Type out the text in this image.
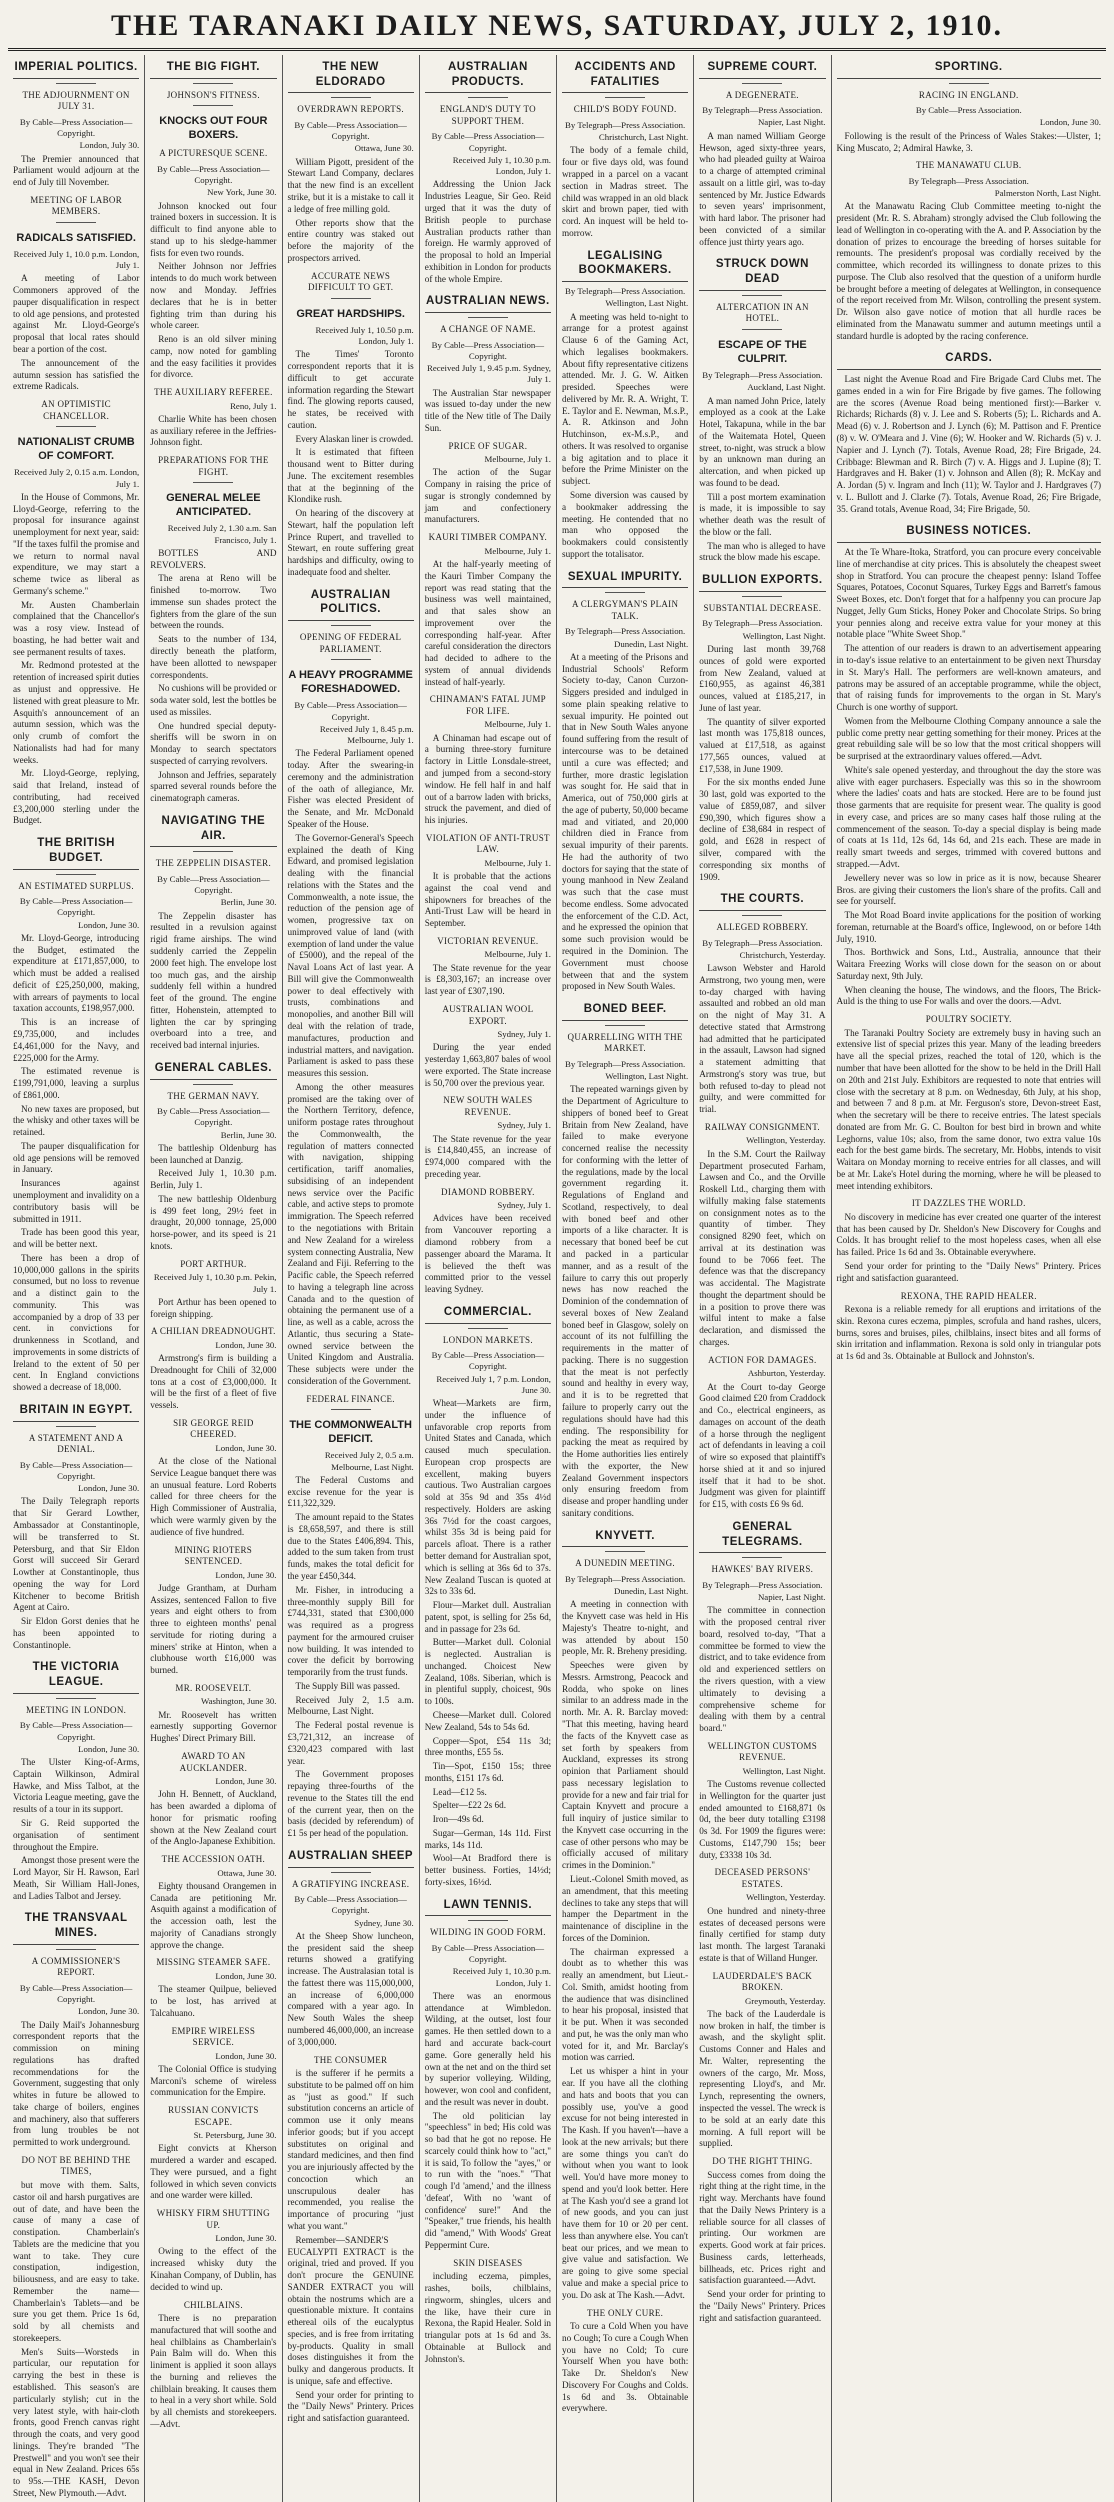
THE TARANAKI DAILY NEWS, SATURDAY, JULY 2, 1910.
IMPERIAL POLITICS.
THE ADJOURNMENT ON JULY 31.
By Cable—Press Association—Copyright.
London, July 30.

The Premier announced that Parliament would adjourn at the end of July till November.

MEETING OF LABOR MEMBERS.
RADICALS SATISFIED.
Received July 1, 10.0 p.m. London, July 1.

A meeting of Labor Commoners approved of the pauper disqualification in respect to old age pensions, and protested against Mr. Lloyd-George's proposal that local rates should bear a portion of the cost.

The announcement of the autumn session has satisfied the extreme Radicals.

AN OPTIMISTIC CHANCELLOR.
NATIONALIST CRUMB OF COMFORT.
Received July 2, 0.15 a.m. London, July 1.

In the House of Commons, Mr. Lloyd-George, referring to the proposal for insurance against unemployment for next year, said: "If the taxes fulfil the promise and we return to normal naval expenditure, we may start a scheme twice as liberal as Germany's scheme."

Mr. Austen Chamberlain complained that the Chancellor's was a rosy view. Instead of boasting, he had better wait and see permanent results of taxes.

Mr. Redmond protested at the retention of increased spirit duties as unjust and oppressive. He listened with great pleasure to Mr. Asquith's announcement of an autumn session, which was the only crumb of comfort the Nationalists had had for many weeks.

Mr. Lloyd-George, replying, said that Ireland, instead of contributing, had received £3,200,000 sterling under the Budget.

THE BRITISH BUDGET.
AN ESTIMATED SURPLUS.
By Cable—Press Association—Copyright.
London, June 30.

Mr. Lloyd-George, introducing the Budget, estimated the expenditure at £171,857,000, to which must be added a realised deficit of £25,250,000, making, with arrears of payments to local taxation accounts, £198,957,000.

This is an increase of £9,735,000, and includes £4,461,000 for the Navy, and £225,000 for the Army.

The estimated revenue is £199,791,000, leaving a surplus of £861,000.

No new taxes are proposed, but the whisky and other taxes will be retained.

The pauper disqualification for old age pensions will be removed in January.

Insurances against unemployment and invalidity on a contributory basis will be submitted in 1911.

Trade has been good this year, and will be better next.

There has been a drop of 10,000,000 gallons in the spirits consumed, but no loss to revenue and a distinct gain to the community. This was accompanied by a drop of 33 per cent. in convictions for drunkenness in Scotland, and improvements in some districts of Ireland to the extent of 50 per cent. In England convictions showed a decrease of 18,000.

BRITAIN IN EGYPT.
A STATEMENT AND A DENIAL.
By Cable—Press Association—Copyright.
London, June 30.

The Daily Telegraph reports that Sir Gerard Lowther, Ambassador at Constantinople, will be transferred to St. Petersburg, and that Sir Eldon Gorst will succeed Sir Gerard Lowther at Constantinople, thus opening the way for Lord Kitchener to become British Agent at Cairo.

Sir Eldon Gorst denies that he has been appointed to Constantinople.

THE VICTORIA LEAGUE.
MEETING IN LONDON.
By Cable—Press Association—Copyright.
London, June 30.

The Ulster King-of-Arms, Captain Wilkinson, Admiral Hawke, and Miss Talbot, at the Victoria League meeting, gave the results of a tour in its support.

Sir G. Reid supported the organisation of sentiment throughout the Empire.

Amongst those present were the Lord Mayor, Sir H. Rawson, Earl Meath, Sir William Hall-Jones, and Ladies Talbot and Jersey.

THE TRANSVAAL MINES.
A COMMISSIONER'S REPORT.
By Cable—Press Association—Copyright.
London, June 30.

The Daily Mail's Johannesburg correspondent reports that the commission on mining regulations has drafted recommendations for the Government, suggesting that only whites in future be allowed to take charge of boilers, engines and machinery, also that sufferers from lung troubles be not permitted to work underground.

DO NOT BE BEHIND THE TIMES,

but move with them. Salts, castor oil and harsh purgatives are out of date, and have been the cause of many a case of constipation. Chamberlain's Tablets are the medicine that you want to take. They cure constipation, indigestion, biliousness, and are easy to take. Remember the name—Chamberlain's Tablets—and be sure you get them. Price 1s 6d, sold by all chemists and storekeepers.

Men's Suits—Worsteds in particular, our reputation for carrying the best in these is established. This season's are particularly stylish; cut in the very latest style, with hair-cloth fronts, good French canvas right through the coats, and very good linings. They're branded "The Prestwell" and you won't see their equal in New Zealand. Prices 65s to 95s.—THE KASH, Devon Street, New Plymouth.—Advt.

THE BIG FIGHT.
JOHNSON'S FITNESS.
KNOCKS OUT FOUR BOXERS.
A PICTURESQUE SCENE.
By Cable—Press Association—Copyright.
New York, June 30.

Johnson knocked out four trained boxers in succession. It is difficult to find anyone able to stand up to his sledge-hammer fists for even two rounds.

Neither Johnson nor Jeffries intends to do much work between now and Monday. Jeffries declares that he is in better fighting trim than during his whole career.

Reno is an old silver mining camp, now noted for gambling and the easy facilities it provides for divorce.

THE AUXILIARY REFEREE.
Reno, July 1.

Charlie White has been chosen as auxiliary referee in the Jeffries-Johnson fight.

PREPARATIONS FOR THE FIGHT.
GENERAL MELEE ANTICIPATED.
Received July 2, 1.30 a.m. San Francisco, July 1.

BOTTLES AND REVOLVERS.

The arena at Reno will be finished to-morrow. Two immense sun shades protect the fighters from the glare of the sun between the rounds.

Seats to the number of 134, directly beneath the platform, have been allotted to newspaper correspondents.

No cushions will be provided or soda water sold, lest the bottles be used as missiles.

One hundred special deputy-sheriffs will be sworn in on Monday to search spectators suspected of carrying revolvers.

Johnson and Jeffries, separately sparred several rounds before the cinematograph cameras.

NAVIGATING THE AIR.
THE ZEPPELIN DISASTER.
By Cable—Press Association—Copyright.
Berlin, June 30.

The Zeppelin disaster has resulted in a revulsion against rigid frame airships. The wind suddenly carried the Zeppelin 2000 feet high. The envelope lost too much gas, and the airship suddenly fell within a hundred feet of the ground. The engine fitter, Hohenstein, attempted to lighten the car by springing overboard into a tree, and received bad internal injuries.

GENERAL CABLES.
THE GERMAN NAVY.
By Cable—Press Association—Copyright.
Berlin, June 30.

The battleship Oldenburg has been launched at Danzig.

Received July 1, 10.30 p.m. Berlin, July 1.

The new battleship Oldenburg is 499 feet long, 29½ feet in draught, 20,000 tonnage, 25,000 horse-power, and its speed is 21 knots.

PORT ARTHUR.
Received July 1, 10.30 p.m. Pekin, July 1.

Port Arthur has been opened to foreign shipping.

A CHILIAN DREADNOUGHT.
London, June 30.

Armstrong's firm is building a Dreadnought for Chili of 32,000 tons at a cost of £3,000,000. It will be the first of a fleet of five vessels.

SIR GEORGE REID CHEERED.
London, June 30.

At the close of the National Service League banquet there was an unusual feature. Lord Roberts called for three cheers for the High Commissioner of Australia, which were warmly given by the audience of five hundred.

MINING RIOTERS SENTENCED.
London, June 30.

Judge Grantham, at Durham Assizes, sentenced Fallon to five years and eight others to from three to eighteen months' penal servitude for rioting during a miners' strike at Hinton, when a clubhouse worth £16,000 was burned.

MR. ROOSEVELT.
Washington, June 30.

Mr. Roosevelt has written earnestly supporting Governor Hughes' Direct Primary Bill.

AWARD TO AN AUCKLANDER.
London, June 30.

John H. Bennett, of Auckland, has been awarded a diploma of honor for prismatic roofing shown at the New Zealand court of the Anglo-Japanese Exhibition.

THE ACCESSION OATH.
Ottawa, June 30.

Eighty thousand Orangemen in Canada are petitioning Mr. Asquith against a modification of the accession oath, lest the majority of Canadians strongly approve the change.

MISSING STEAMER SAFE.
London, June 30.

The steamer Quilpue, believed to be lost, has arrived at Talcahuano.

EMPIRE WIRELESS SERVICE.
London, June 30.

The Colonial Office is studying Marconi's scheme of wireless communication for the Empire.

RUSSIAN CONVICTS ESCAPE.
St. Petersburg, June 30.

Eight convicts at Kherson murdered a warder and escaped. They were pursued, and a fight followed in which seven convicts and one warder were killed.

WHISKY FIRM SHUTTING UP.
London, June 30.

Owing to the effect of the increased whisky duty the Kinahan Company, of Dublin, has decided to wind up.

CHILBLAINS.

There is no preparation manufactured that will soothe and heal chilblains as Chamberlain's Pain Balm will do. When this liniment is applied it soon allays the burning and relieves the chilblain breaking. It causes them to heal in a very short while. Sold by all chemists and storekeepers.—Advt.

THE NEW ELDORADO
OVERDRAWN REPORTS.
By Cable—Press Association—Copyright.
Ottawa, June 30.

William Pigott, president of the Stewart Land Company, declares that the new find is an excellent strike, but it is a mistake to call it a ledge of free milling gold.

Other reports show that the entire country was staked out before the majority of the prospectors arrived.

ACCURATE NEWS DIFFICULT TO GET.
GREAT HARDSHIPS.
Received July 1, 10.50 p.m. London, July 1.

The Times' Toronto correspondent reports that it is difficult to get accurate information regarding the Stewart find. The glowing reports caused, he states, be received with caution.

Every Alaskan liner is crowded.

It is estimated that fifteen thousand went to Bitter during June. The excitement resembles that at the beginning of the Klondike rush.

On hearing of the discovery at Stewart, half the population left Prince Rupert, and travelled to Stewart, en route suffering great hardships and difficulty, owing to inadequate food and shelter.

AUSTRALIAN POLITICS.
OPENING OF FEDERAL PARLIAMENT.
A HEAVY PROGRAMME FORESHADOWED.
By Cable—Press Association—Copyright.
Received July 1, 8.45 p.m. Melbourne, July 1.

The Federal Parliament opened today. After the swearing-in ceremony and the administration of the oath of allegiance, Mr. Fisher was elected President of the Senate, and Mr. McDonald Speaker of the House.

The Governor-General's Speech explained the death of King Edward, and promised legislation dealing with the financial relations with the States and the Commonwealth, a note issue, the reduction of the pension age of women, progressive tax on unimproved value of land (with exemption of land under the value of £5000), and the repeal of the Naval Loans Act of last year. A Bill will give the Commonwealth power to deal effectively with trusts, combinations and monopolies, and another Bill will deal with the relation of trade, manufactures, production and industrial matters, and navigation. Parliament is asked to pass these measures this session.

Among the other measures promised are the taking over of the Northern Territory, defence, uniform postage rates throughout the Commonwealth, the regulation of matters connected with navigation, shipping certification, tariff anomalies, subsidising of an independent news service over the Pacific cable, and active steps to promote immigration. The Speech referred to the negotiations with Britain and New Zealand for a wireless system connecting Australia, New Zealand and Fiji. Referring to the Pacific cable, the Speech referred to having a telegraph line across Canada and to the question of obtaining the permanent use of a line, as well as a cable, across the Atlantic, thus securing a State-owned service between the United Kingdom and Australia. These subjects were under the consideration of the Government.

FEDERAL FINANCE.
THE COMMONWEALTH DEFICIT.
Received July 2, 0.5 a.m. Melbourne, Last Night.

The Federal Customs and excise revenue for the year is £11,322,329.

The amount repaid to the States is £8,658,597, and there is still due to the States £406,894. This, added to the sum taken from trust funds, makes the total deficit for the year £450,344.

Mr. Fisher, in introducing a three-monthly supply Bill for £744,331, stated that £300,000 was required as a progress payment for the armoured cruiser now building. It was intended to cover the deficit by borrowing temporarily from the trust funds.

The Supply Bill was passed.

Received July 2, 1.5 a.m. Melbourne, Last Night.

The Federal postal revenue is £3,721,312, an increase of £320,423 compared with last year.

The Government proposes repaying three-fourths of the revenue to the States till the end of the current year, then on the basis (decided by referendum) of £1 5s per head of the population.

AUSTRALIAN SHEEP
A GRATIFYING INCREASE.
By Cable—Press Association—Copyright.
Sydney, June 30.

At the Sheep Show luncheon, the president said the sheep returns showed a gratifying increase. The Australasian total is the fattest there was 115,000,000, an increase of 6,000,000 compared with a year ago. In New South Wales the sheep numbered 46,000,000, an increase of 3,000,000.

THE CONSUMER

is the sufferer if he permits a substitute to be palmed off on him as "just as good." If such substitution concerns an article of common use it only means inferior goods; but if you accept substitutes on original and standard medicines, and then find you are injuriously affected by the concoction which an unscrupulous dealer has recommended, you realise the importance of procuring "just what you want."

Remember—SANDER'S EUCALYPTI EXTRACT is the original, tried and proved. If you don't procure the GENUINE SANDER EXTRACT you will obtain the nostrums which are a questionable mixture. It contains ethereal oils of the eucalyptus species, and is free from irritating by-products. Quality in small doses distinguishes it from the bulky and dangerous products. It is unique, safe and effective.

Send your order for printing to the "Daily News" Printery. Prices right and satisfaction guaranteed.

AUSTRALIAN PRODUCTS.
ENGLAND'S DUTY TO SUPPORT THEM.
By Cable—Press Association—Copyright.
Received July 1, 10.30 p.m. London, July 1.

Addressing the Union Jack Industries League, Sir Geo. Reid urged that it was the duty of British people to purchase Australian products rather than foreign. He warmly approved of the proposal to hold an Imperial exhibition in London for products of the whole Empire.

AUSTRALIAN NEWS.
A CHANGE OF NAME.
By Cable—Press Association—Copyright.
Received July 1, 9.45 p.m. Sydney, July 1.

The Australian Star newspaper was issued to-day under the new title of the New title of The Daily Sun.

PRICE OF SUGAR.
Melbourne, July 1.

The action of the Sugar Company in raising the price of sugar is strongly condemned by jam and confectionery manufacturers.

KAURI TIMBER COMPANY.
Melbourne, July 1.

At the half-yearly meeting of the Kauri Timber Company the report was read stating that the business was well maintained, and that sales show an improvement over the corresponding half-year. After careful consideration the directors had decided to adhere to the system of annual dividends instead of half-yearly.

CHINAMAN'S FATAL JUMP FOR LIFE.
Melbourne, July 1.

A Chinaman had escape out of a burning three-story furniture factory in Little Lonsdale-street, and jumped from a second-story window. He fell half in and half out of a barrow laden with bricks, struck the pavement, and died of his injuries.

VIOLATION OF ANTI-TRUST LAW.
Melbourne, July 1.

It is probable that the actions against the coal vend and shipowners for breaches of the Anti-Trust Law will be heard in September.

VICTORIAN REVENUE.
Melbourne, July 1.

The State revenue for the year is £8,303,167; an increase over last year of £307,190.

AUSTRALIAN WOOL EXPORT.
Sydney, July 1.

During the year ended yesterday 1,663,807 bales of wool were exported. The State increase is 50,700 over the previous year.

NEW SOUTH WALES REVENUE.
Sydney, July 1.

The State revenue for the year is £14,840,455, an increase of £974,000 compared with the preceding year.

DIAMOND ROBBERY.
Sydney, July 1.

Advices have been received from Vancouver reporting a diamond robbery from a passenger aboard the Marama. It is believed the theft was committed prior to the vessel leaving Sydney.

COMMERCIAL.
LONDON MARKETS.
By Cable—Press Association—Copyright.
Received July 1, 7 p.m. London, June 30.

Wheat—Markets are firm, under the influence of unfavorable crop reports from United States and Canada, which caused much speculation. European crop prospects are excellent, making buyers cautious. Two Australian cargoes sold at 35s 9d and 35s 4½d respectively. Holders are asking 36s 7½d for the coast cargoes, whilst 35s 3d is being paid for parcels afloat. There is a rather better demand for Australian spot, which is selling at 36s 6d to 37s. New Zealand Tuscan is quoted at 32s to 33s 6d.

Flour—Market dull. Australian patent, spot, is selling for 25s 6d, and in passage for 23s 6d.

Butter—Market dull. Colonial is neglected. Australian is unchanged. Choicest New Zealand, 108s. Siberian, which is in plentiful supply, choicest, 90s to 100s.

Cheese—Market dull. Colored New Zealand, 54s to 54s 6d.

Copper—Spot, £54 11s 3d; three months, £55 5s.

Tin—Spot, £150 15s; three months, £151 17s 6d.

Lead—£12 5s.

Spelter—£22 2s 6d.

Iron—49s 6d.

Sugar—German, 14s 11d. First marks, 14s 11d.

Wool—At Bradford there is better business. Forties, 14½d; forty-sixes, 16½d.

LAWN TENNIS.
WILDING IN GOOD FORM.
By Cable—Press Association—Copyright.
Received July 1, 10.30 p.m. London, July 1.

There was an enormous attendance at Wimbledon. Wilding, at the outset, lost four games. He then settled down to a hard and accurate back-court game. Gore generally held his own at the net and on the third set by superior volleying. Wilding, however, won cool and confident, and the result was never in doubt.

The old politician lay "speechless" in bed; His cold was so bad that he got no repose. He scarcely could think how to "act," it is said, To follow the "ayes," or to run with the "noes." "That cough I'd 'amend,' and the illness 'defeat', With no 'want of confidence' sure!" And the "Speaker," true friends, his health did "amend," With Woods' Great Peppermint Cure.

SKIN DISEASES

including eczema, pimples, rashes, boils, chilblains, ringworm, shingles, ulcers and the like, have their cure in Rexona, the Rapid Healer. Sold in triangular pots at 1s 6d and 3s. Obtainable at Bullock and Johnston's.

ACCIDENTS AND FATALITIES
CHILD'S BODY FOUND.
By Telegraph—Press Association.
Christchurch, Last Night.

The body of a female child, four or five days old, was found wrapped in a parcel on a vacant section in Madras street. The child was wrapped in an old black skirt and brown paper, tied with cord. An inquest will be held to-morrow.

LEGALISING BOOKMAKERS.
By Telegraph—Press Association.
Wellington, Last Night.

A meeting was held to-night to arrange for a protest against Clause 6 of the Gaming Act, which legalises bookmakers. About fifty representative citizens attended. Mr. J. G. W. Aitken presided. Speeches were delivered by Mr. R. A. Wright, T. E. Taylor and E. Newman, M.s.P., A. R. Atkinson and John Hutchinson, ex-M.s.P., and others. It was resolved to organise a big agitation and to place it before the Prime Minister on the subject.

Some diversion was caused by a bookmaker addressing the meeting. He contended that no man who opposed the bookmakers could consistently support the totalisator.

SEXUAL IMPURITY.
A CLERGYMAN'S PLAIN TALK.
By Telegraph—Press Association.
Dunedin, Last Night.

At a meeting of the Prisons and Industrial Schools' Reform Society to-day, Canon Curzon-Siggers presided and indulged in some plain speaking relative to sexual impurity. He pointed out that in New South Wales anyone found suffering from the result of intercourse was to be detained until a cure was effected; and further, more drastic legislation was sought for. He said that in America, out of 750,000 girls at the age of puberty, 50,000 became mad and vitiated, and 20,000 children died in France from sexual impurity of their parents. He had the authority of two doctors for saying that the state of young manhood in New Zealand was such that the case must become endless. Some advocated the enforcement of the C.D. Act, and he expressed the opinion that some such provision would be required in the Dominion. The Government must choose between that and the system proposed in New South Wales.

BONED BEEF.
QUARRELLING WITH THE MARKET.
By Telegraph—Press Association.
Wellington, Last Night.

The repeated warnings given by the Department of Agriculture to shippers of boned beef to Great Britain from New Zealand, have failed to make everyone concerned realise the necessity for conforming with the letter of the regulations, made by the local government regarding it. Regulations of England and Scotland, respectively, to deal with boned beef and other imports of a like character. It is necessary that boned beef be cut and packed in a particular manner, and as a result of the failure to carry this out properly news has now reached the Dominion of the condemnation of several boxes of New Zealand boned beef in Glasgow, solely on account of its not fulfilling the requirements in the matter of packing. There is no suggestion that the meat is not perfectly sound and healthy in every way, and it is to be regretted that failure to properly carry out the regulations should have had this ending. The responsibility for packing the meat as required by the Home authorities lies entirely with the exporter, the New Zealand Government inspectors only ensuring freedom from disease and proper handling under sanitary conditions.

KNYVETT.
A DUNEDIN MEETING.
By Telegraph—Press Association.
Dunedin, Last Night.

A meeting in connection with the Knyvett case was held in His Majesty's Theatre to-night, and was attended by about 150 people, Mr. R. Breheny presiding.

Speeches were given by Messrs. Armstrong, Peacock and Rodda, who spoke on lines similar to an address made in the north. Mr. A. R. Barclay moved: "That this meeting, having heard the facts of the Knyvett case as set forth by speakers from Auckland, expresses its strong opinion that Parliament should pass necessary legislation to provide for a new and fair trial for Captain Knyvett and procure a full inquiry of justice similar to the Knyvett case occurring in the case of other persons who may be officially accused of military crimes in the Dominion."

Lieut.-Colonel Smith moved, as an amendment, that this meeting declines to take any steps that will hamper the Department in the maintenance of discipline in the forces of the Dominion.

The chairman expressed a doubt as to whether this was really an amendment, but Lieut.-Col. Smith, amidst hooting from the audience that was disinclined to hear his proposal, insisted that it be put. When it was seconded and put, he was the only man who voted for it, and Mr. Barclay's motion was carried.

Let us whisper a hint in your ear. If you have all the clothing and hats and boots that you can possibly use, you've a good excuse for not being interested in The Kash. If you haven't—have a look at the new arrivals; but there are some things you can't do without when you want to look well. You'd have more money to spend and you'd look better. Here at The Kash you'd see a grand lot of new goods, and you can just have them for 10 or 20 per cent. less than anywhere else. You can't beat our prices, and we mean to give value and satisfaction. We are going to give some special value and make a special price to you. Do ask at The Kash.—Advt.

THE ONLY CURE.

To cure a Cold When you have no Cough; To cure a Cough When you have no Cold; To cure Yourself When you have both: Take Dr. Sheldon's New Discovery For Coughs and Colds. 1s 6d and 3s. Obtainable everywhere.

SUPREME COURT.
A DEGENERATE.
By Telegraph—Press Association.
Napier, Last Night.

A man named William George Hewson, aged sixty-three years, who had pleaded guilty at Wairoa to a charge of attempted criminal assault on a little girl, was to-day sentenced by Mr. Justice Edwards to seven years' imprisonment, with hard labor. The prisoner had been convicted of a similar offence just thirty years ago.

STRUCK DOWN DEAD
ALTERCATION IN AN HOTEL.
ESCAPE OF THE CULPRIT.
By Telegraph—Press Association.
Auckland, Last Night.

A man named John Price, lately employed as a cook at the Lake Hotel, Takapuna, while in the bar of the Waitemata Hotel, Queen street, to-night, was struck a blow by an unknown man during an altercation, and when picked up was found to be dead.

Till a post mortem examination is made, it is impossible to say whether death was the result of the blow or the fall.

The man who is alleged to have struck the blow made his escape.

BULLION EXPORTS.
SUBSTANTIAL DECREASE.
By Telegraph—Press Association.
Wellington, Last Night.

During last month 39,768 ounces of gold were exported from New Zealand, valued at £160,955, as against 46,381 ounces, valued at £185,217, in June of last year.

The quantity of silver exported last month was 175,818 ounces, valued at £17,518, as against 177,565 ounces, valued at £17,538, in June 1909.

For the six months ended June 30 last, gold was exported to the value of £859,087, and silver £90,390, which figures show a decline of £38,684 in respect of gold, and £628 in respect of silver, compared with the corresponding six months of 1909.

THE COURTS.
ALLEGED ROBBERY.
By Telegraph—Press Association.
Christchurch, Yesterday.

Lawson Webster and Harold Armstrong, two young men, were to-day charged with having assaulted and robbed an old man on the night of May 31. A detective stated that Armstrong had admitted that he participated in the assault, Lawson had signed a statement admitting that Armstrong's story was true, but both refused to-day to plead not guilty, and were committed for trial.

RAILWAY CONSIGNMENT.
Wellington, Yesterday.

In the S.M. Court the Railway Department prosecuted Farham, Lawsen and Co., and the Orville Roskell Ltd., charging them with wilfully making false statements on consignment notes as to the quantity of timber. They consigned 8290 feet, which on arrival at its destination was found to be 7066 feet. The defence was that the discrepancy was accidental. The Magistrate thought the department should be in a position to prove there was wilful intent to make a false declaration, and dismissed the charges.

ACTION FOR DAMAGES.
Ashburton, Yesterday.

At the Court to-day George Good claimed £20 from Craddock and Co., electrical engineers, as damages on account of the death of a horse through the negligent act of defendants in leaving a coil of wire so exposed that plaintiff's horse shied at it and so injured itself that it had to be shot. Judgment was given for plaintiff for £15, with costs £6 9s 6d.

GENERAL TELEGRAMS.
HAWKES' BAY RIVERS.
By Telegraph—Press Association.
Napier, Last Night.

The committee in connection with the proposed central river board, resolved to-day, "That a committee be formed to view the district, and to take evidence from old and experienced settlers on the rivers question, with a view ultimately to devising a comprehensive scheme for dealing with them by a central board."

WELLINGTON CUSTOMS REVENUE.
Wellington, Last Night.

The Customs revenue collected in Wellington for the quarter just ended amounted to £168,871 0s 0d, the beer duty totalling £3198 0s 3d. For 1909 the figures were: Customs, £147,790 15s; beer duty, £3338 10s 3d.

DECEASED PERSONS' ESTATES.
Wellington, Yesterday.

One hundred and ninety-three estates of deceased persons were finally certified for stamp duty last month. The largest Taranaki estate is that of Willand Hunger.

LAUDERDALE'S BACK BROKEN.
Greymouth, Yesterday.

The back of the Lauderdale is now broken in half, the timber is awash, and the skylight split. Customs Conner and Hales and Mr. Walter, representing the owners of the cargo, Mr. Moss, representing Lloyd's, and Mr. Lynch, representing the owners, inspected the vessel. The wreck is to be sold at an early date this morning. A full report will be supplied.

DO THE RIGHT THING.

Success comes from doing the right thing at the right time, in the right way. Merchants have found that the Daily News Printery is a reliable source for all classes of printing. Our workmen are experts. Good work at fair prices. Business cards, letterheads, billheads, etc. Prices right and satisfaction guaranteed.—Advt.

Send your order for printing to the "Daily News" Printery. Prices right and satisfaction guaranteed.

SPORTING.
RACING IN ENGLAND.
By Cable—Press Association.
London, June 30.

Following is the result of the Princess of Wales Stakes:—Ulster, 1; King Muscato, 2; Admiral Hawke, 3.

THE MANAWATU CLUB.
By Telegraph—Press Association.
Palmerston North, Last Night.

At the Manawatu Racing Club Committee meeting to-night the president (Mr. R. S. Abraham) strongly advised the Club following the lead of Wellington in co-operating with the A. and P. Association by the donation of prizes to encourage the breeding of horses suitable for remounts. The president's proposal was cordially received by the committee, which recorded its willingness to donate prizes to this purpose. The Club also resolved that the question of a uniform hurdle be brought before a meeting of delegates at Wellington, in consequence of the report received from Mr. Wilson, controlling the present system. Dr. Wilson also gave notice of motion that all hurdle races be eliminated from the Manawatu summer and autumn meetings until a standard hurdle is adopted by the racing conference.

CARDS.

Last night the Avenue Road and Fire Brigade Card Clubs met. The games ended in a win for Fire Brigade by five games. The following are the scores (Avenue Road being mentioned first):—Barker v. Richards; Richards (8) v. J. Lee and S. Roberts (5); L. Richards and A. Mead (6) v. J. Robertson and J. Lynch (6); M. Pattison and F. Prentice (8) v. W. O'Meara and J. Vine (6); W. Hooker and W. Richards (5) v. J. Napier and J. Lynch (7). Totals, Avenue Road, 28; Fire Brigade, 24. Cribbage: Blewman and R. Birch (7) v. A. Higgs and J. Lupine (8); T. Hardgraves and H. Baker (1) v. Johnson and Allen (8); R. McKay and A. Jordan (5) v. Ingram and Inch (11); W. Taylor and J. Hardgraves (7) v. L. Bullott and J. Clarke (7). Totals, Avenue Road, 26; Fire Brigade, 35. Grand totals, Avenue Road, 34; Fire Brigade, 50.

BUSINESS NOTICES.

At the Te Whare-Itoka, Stratford, you can procure every conceivable line of merchandise at city prices. This is absolutely the cheapest sweet shop in Stratford. You can procure the cheapest penny: Island Toffee Squares, Potatoes, Coconut Squares, Turkey Eggs and Barrett's famous Sweet Boxes, etc. Don't forget that for a halfpenny you can procure Jap Nugget, Jelly Gum Sticks, Honey Poker and Chocolate Strips. So bring your pennies along and receive extra value for your money at this notable place "White Sweet Shop."

The attention of our readers is drawn to an advertisement appearing in to-day's issue relative to an entertainment to be given next Thursday in St. Mary's Hall. The performers are well-known amateurs, and patrons may be assured of an acceptable programme, while the object, that of raising funds for improvements to the organ in St. Mary's Church is one worthy of support.

Women from the Melbourne Clothing Company announce a sale the public come pretty near getting something for their money. Prices at the great rebuilding sale will be so low that the most critical shoppers will be surprised at the extraordinary values offered.—Advt.

White's sale opened yesterday, and throughout the day the store was alive with eager purchasers. Especially was this so in the showroom where the ladies' coats and hats are stocked. Here are to be found just those garments that are requisite for present wear. The quality is good in every case, and prices are so many cases half those ruling at the commencement of the season. To-day a special display is being made of coats at 1s 11d, 12s 6d, 14s 6d, and 21s each. These are made in really smart tweeds and serges, trimmed with covered buttons and strapped.—Advt.

Jewellery never was so low in price as it is now, because Shearer Bros. are giving their customers the lion's share of the profits. Call and see for yourself.

The Mot Road Board invite applications for the position of working foreman, returnable at the Board's office, Inglewood, on or before 14th July, 1910.

Thos. Borthwick and Sons, Ltd., Australia, announce that their Waitara Freezing Works will close down for the season on or about Saturday next, 9th July.

When cleaning the house, The windows, and the floors, The Brick-Auld is the thing to use For walls and over the doors.—Advt.

POULTRY SOCIETY.

The Taranaki Poultry Society are extremely busy in having such an extensive list of special prizes this year. Many of the leading breeders have all the special prizes, reached the total of 120, which is the number that have been allotted for the show to be held in the Drill Hall on 20th and 21st July. Exhibitors are requested to note that entries will close with the secretary at 8 p.m. on Wednesday, 6th July, at his shop, and between 7 and 8 p.m. at Mr. Ferguson's store, Devon-street East, when the secretary will be there to receive entries. The latest specials donated are from Mr. G. C. Boulton for best bird in brown and white Leghorns, value 10s; also, from the same donor, two extra value 10s each for the best game birds. The secretary, Mr. Hobbs, intends to visit Waitara on Monday morning to receive entries for all classes, and will be at Mr. Lake's Hotel during the morning, where he will be pleased to meet intending exhibitors.

IT DAZZLES THE WORLD.

No discovery in medicine has ever created one quarter of the interest that has been caused by Dr. Sheldon's New Discovery for Coughs and Colds. It has brought relief to the most hopeless cases, when all else has failed. Price 1s 6d and 3s. Obtainable everywhere.

Send your order for printing to the "Daily News" Printery. Prices right and satisfaction guaranteed.

REXONA, THE RAPID HEALER.

Rexona is a reliable remedy for all eruptions and irritations of the skin. Rexona cures eczema, pimples, scrofula and hand rashes, ulcers, burns, sores and bruises, piles, chilblains, insect bites and all forms of skin irritation and inflammation. Rexona is sold only in triangular pots at 1s 6d and 3s. Obtainable at Bullock and Johnston's.
